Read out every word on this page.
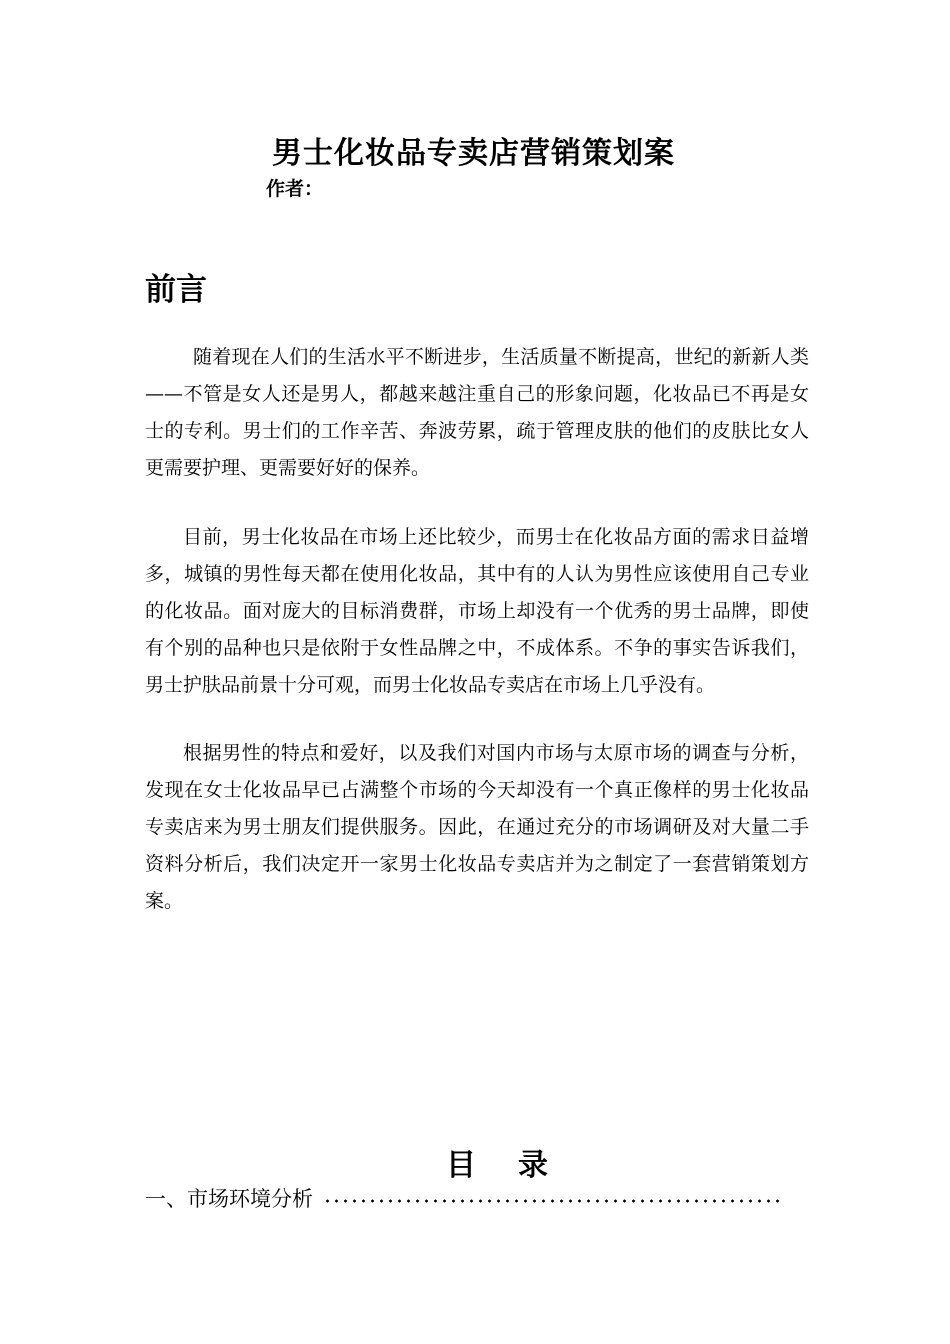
男士化妆品专卖店营销策划案
作者：
前言

随着现在人们的生活水平不断进步，生活质量不断提高，世纪的新新人类——不管是女人还是男人，都越来越注重自己的形象问题，化妆品已不再是女士的专利。男士们的工作辛苦、奔波劳累，疏于管理皮肤的他们的皮肤比女人更需要护理、更需要好好的保养。

目前，男士化妆品在市场上还比较少，而男士在化妆品方面的需求日益增多，城镇的男性每天都在使用化妆品，其中有的人认为男性应该使用自己专业的化妆品。面对庞大的目标消费群，市场上却没有一个优秀的男士品牌，即使有个别的品种也只是依附于女性品牌之中，不成体系。不争的事实告诉我们，男士护肤品前景十分可观，而男士化妆品专卖店在市场上几乎没有。

根据男性的特点和爱好，以及我们对国内市场与太原市场的调查与分析，发现在女士化妆品早已占满整个市场的今天却没有一个真正像样的男士化妆品专卖店来为男士朋友们提供服务。因此，在通过充分的市场调研及对大量二手资料分析后，我们决定开一家男士化妆品专卖店并为之制定了一套营销策划方案。

目录
一、市场环境分析
